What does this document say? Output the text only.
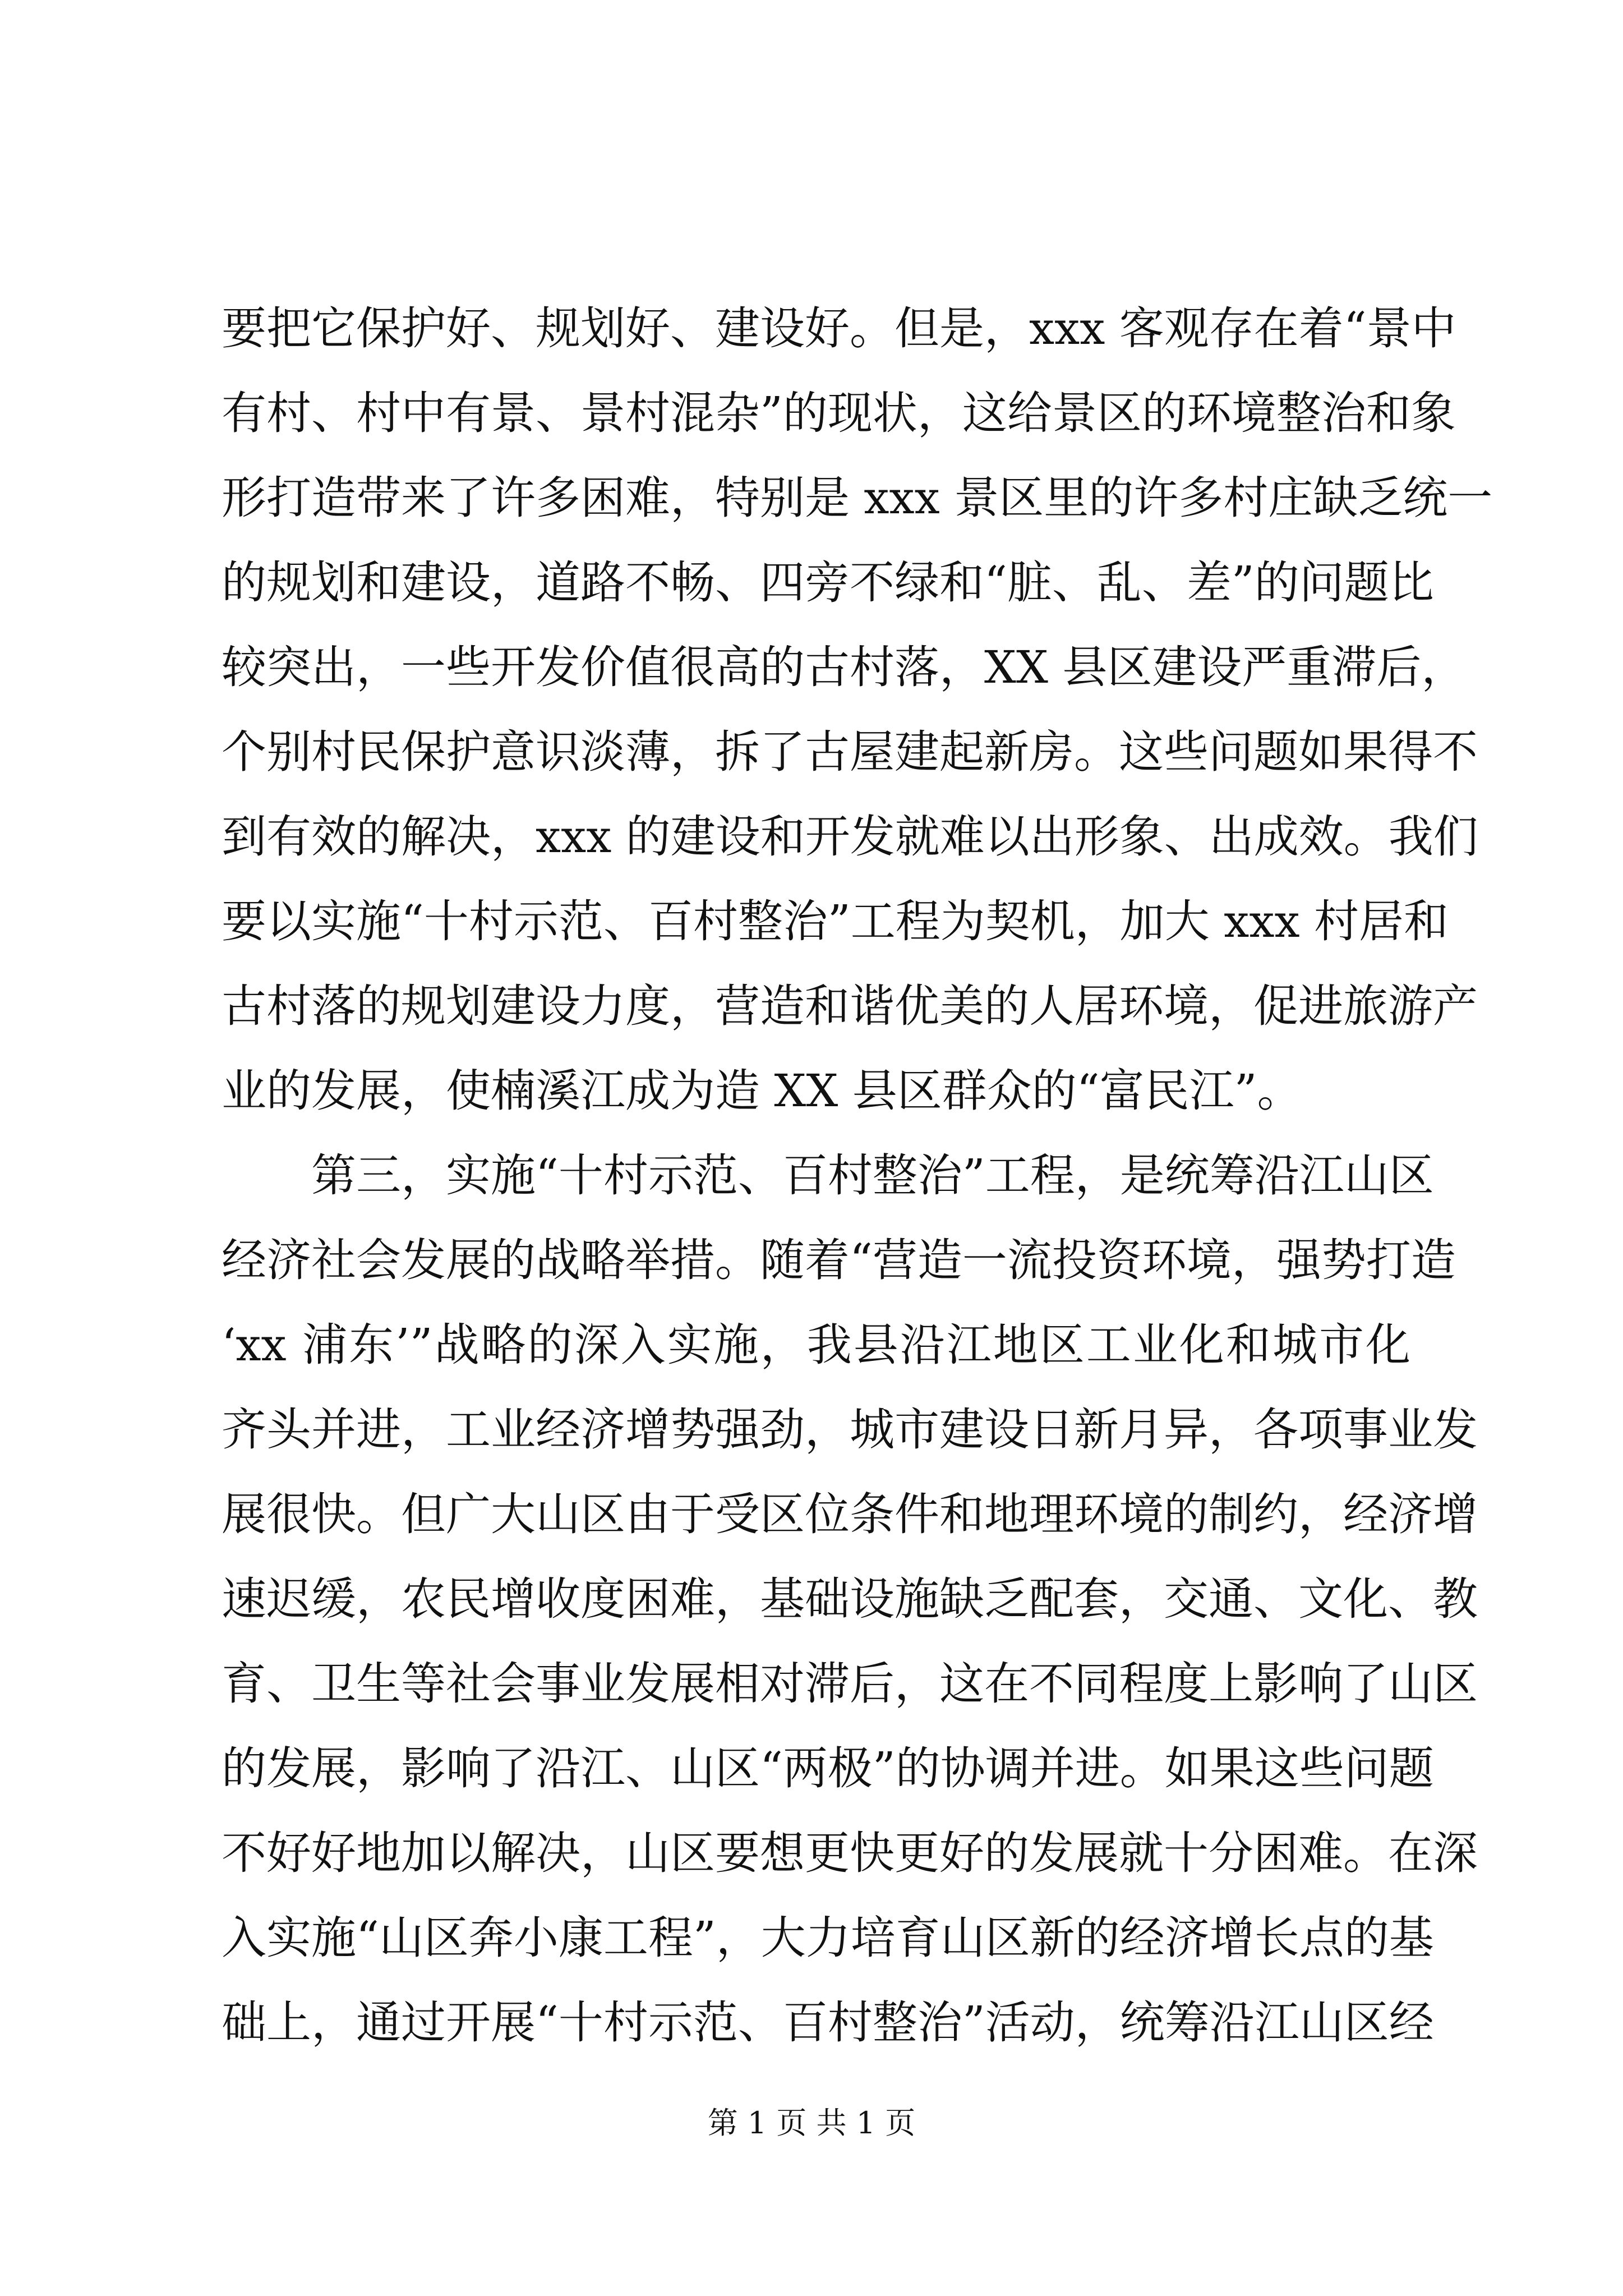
要把它保护好、规划好、建设好。但是，xxx 客观存在着“景中
有村、村中有景、景村混杂”的现状，这给景区的环境整治和象
形打造带来了许多困难，特别是 xxx 景区里的许多村庄缺乏统一
的规划和建设，道路不畅、四旁不绿和“脏、乱、差”的问题比
较突出，一些开发价值很高的古村落，XX 县区建设严重滞后，
个别村民保护意识淡薄，拆了古屋建起新房。这些问题如果得不
到有效的解决，xxx 的建设和开发就难以出形象、出成效。我们
要以实施“十村示范、百村整治”工程为契机，加大 xxx 村居和
古村落的规划建设力度，营造和谐优美的人居环境，促进旅游产
业的发展，使楠溪江成为造 XX 县区群众的“富民江”。
第三，实施“十村示范、百村整治”工程，是统筹沿江山区
经济社会发展的战略举措。随着“营造一流投资环境，强势打造
‘xx 浦东’”战略的深入实施，我县沿江地区工业化和城市化
齐头并进，工业经济增势强劲，城市建设日新月异，各项事业发
展很快。但广大山区由于受区位条件和地理环境的制约，经济增
速迟缓，农民增收度困难，基础设施缺乏配套，交通、文化、教
育、卫生等社会事业发展相对滞后，这在不同程度上影响了山区
的发展，影响了沿江、山区“两极”的协调并进。如果这些问题
不好好地加以解决，山区要想更快更好的发展就十分困难。在深
入实施“山区奔小康工程”，大力培育山区新的经济增长点的基
础上，通过开展“十村示范、百村整治”活动，统筹沿江山区经
第 1 页 共 1 页
